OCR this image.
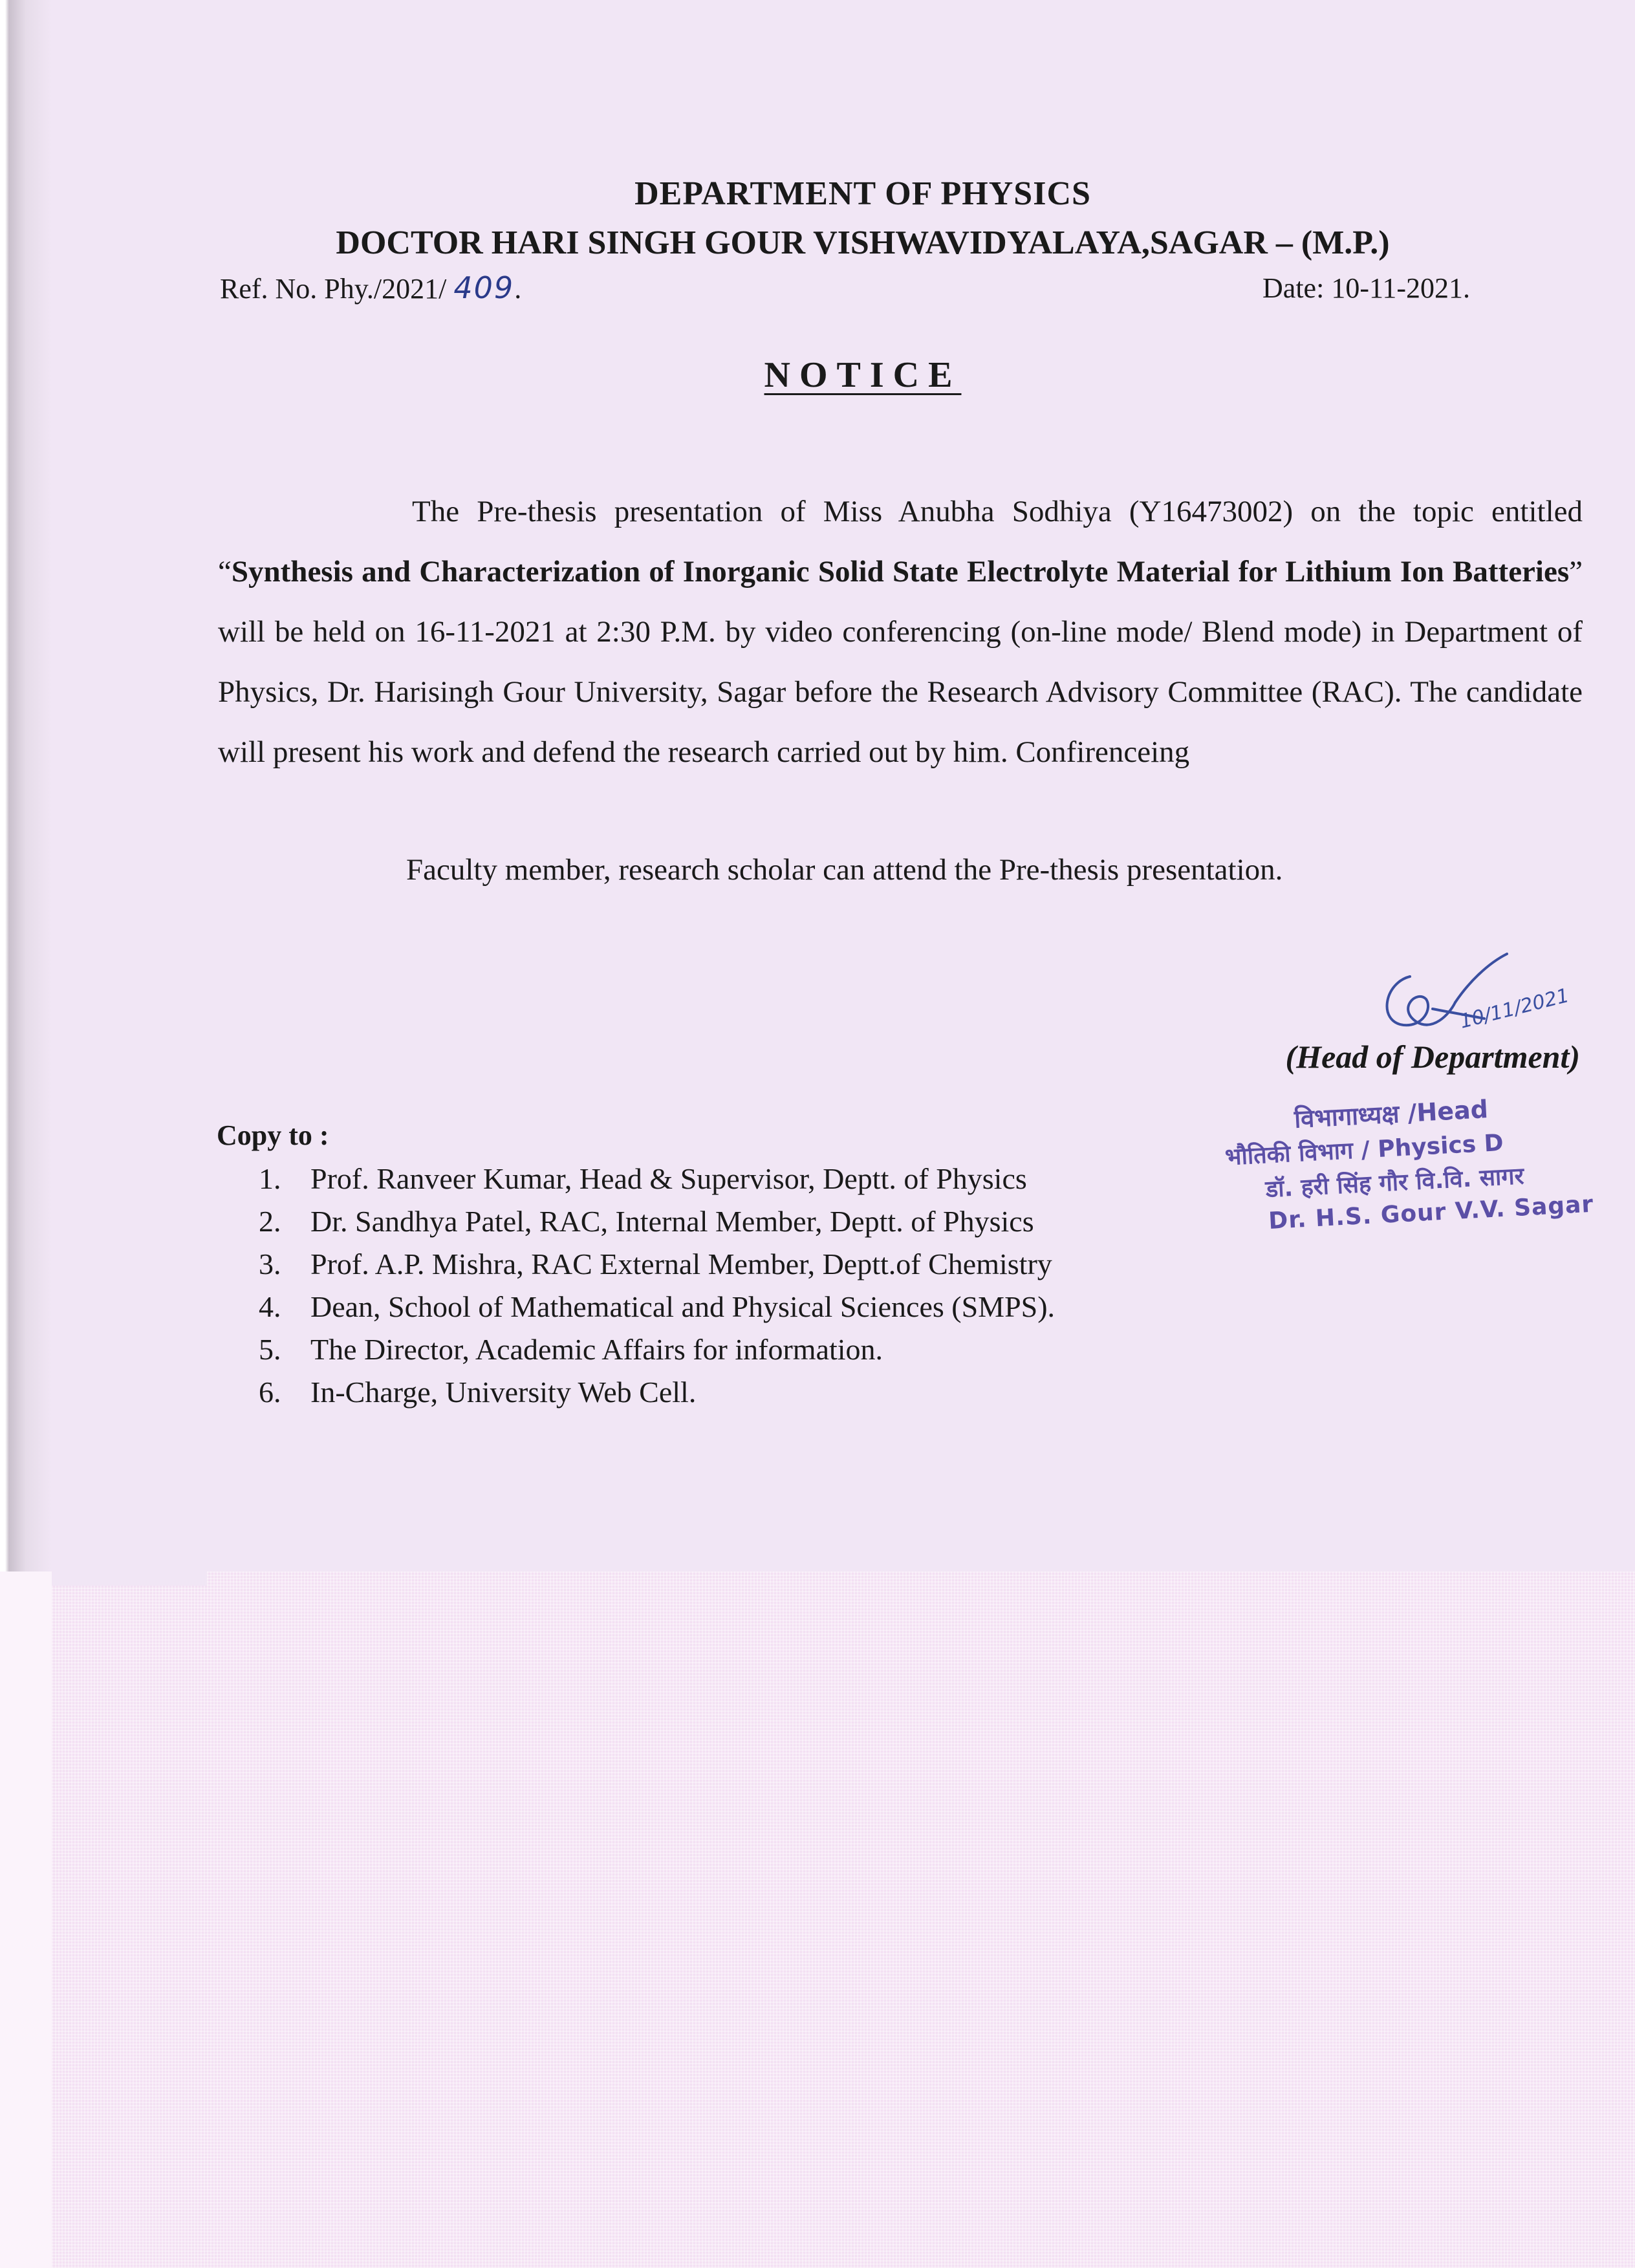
DEPARTMENT OF PHYSICS
DOCTOR HARI SINGH GOUR VISHWAVIDYALAYA,SAGAR – (M.P.)
Ref. No. Phy./2021/ 409.	Date: 10-11-2021.
NOTICE
The Pre-thesis presentation of Miss Anubha Sodhiya (Y16473002) on the topic entitled “Synthesis and Characterization of Inorganic Solid State Electrolyte Material for Lithium Ion Batteries” will be held on 16-11-2021 at 2:30 P.M. by video conferencing (on-line mode/ Blend mode) in Department of Physics, Dr. Harisingh Gour University, Sagar before the Research Advisory Committee (RAC). The candidate will present his work and defend the research carried out by him. Confirenceing
Faculty member, research scholar can attend the Pre-thesis presentation.
10/11/2021
(Head of Department)
विभागाध्यक्ष /Head
भौतिकी विभाग / Physics D
डॉ. हरी सिंह गौर वि.वि. सागर
Dr. H.S. Gour V.V. Sagar
Copy to :
1. Prof. Ranveer Kumar, Head & Supervisor, Deptt. of Physics
2. Dr. Sandhya Patel, RAC, Internal Member, Deptt. of Physics
3. Prof. A.P. Mishra, RAC External Member, Deptt.of Chemistry
4. Dean, School of Mathematical and Physical Sciences (SMPS).
5. The Director, Academic Affairs for information.
6. In-Charge, University Web Cell.
